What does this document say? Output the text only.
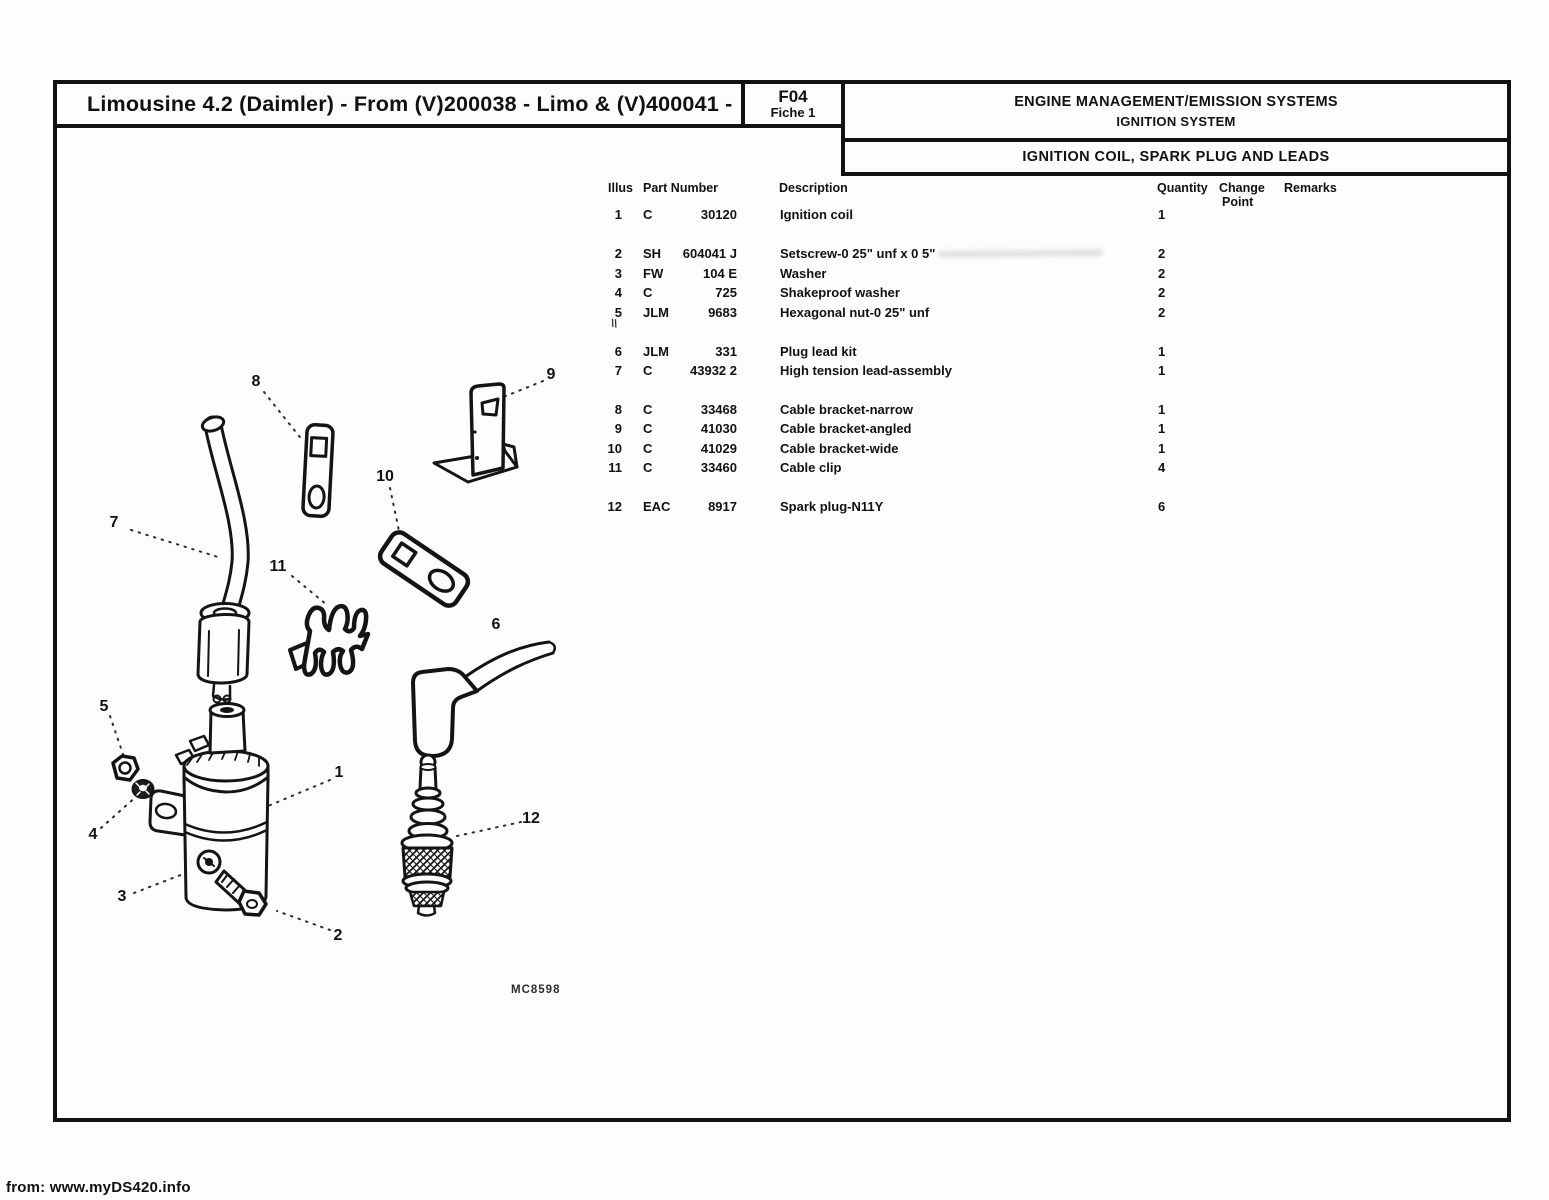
Limousine 4.2 (Daimler) - From (V)200038 - Limo & (V)400041 -	F04
Fiche 1
ENGINE MANAGEMENT/EMISSION SYSTEMS
IGNITION SYSTEM
IGNITION COIL, SPARK PLUG AND LEADS
Illus Part Number	Description	Quantity Change
Point
Remarks
1 C	30120	Ignition coil	1
2 SH	604041 J	Setscrew-0 25" unf x 0 5"	2
3 FW	104 E	Washer	2
4 C	725	Shakeproof washer	2
5 JLM	9683	Hexagonal nut-0 25" unf	2
\\
6 JLM	331	Plug lead kit	1
7 C	43932 2	High tension lead-assembly	1
8 C	33468	Cable bracket-narrow	1
9 C	41030	Cable bracket-angled	1
10 C	41029	Cable bracket-wide	1
11 C	33460	Cable clip	4
12 EAC	8917	Spark plug-N11Y	6
1
2
3
4
5
6
7
8	9
10
11
12
MC8598
from: www.myDS420.info
